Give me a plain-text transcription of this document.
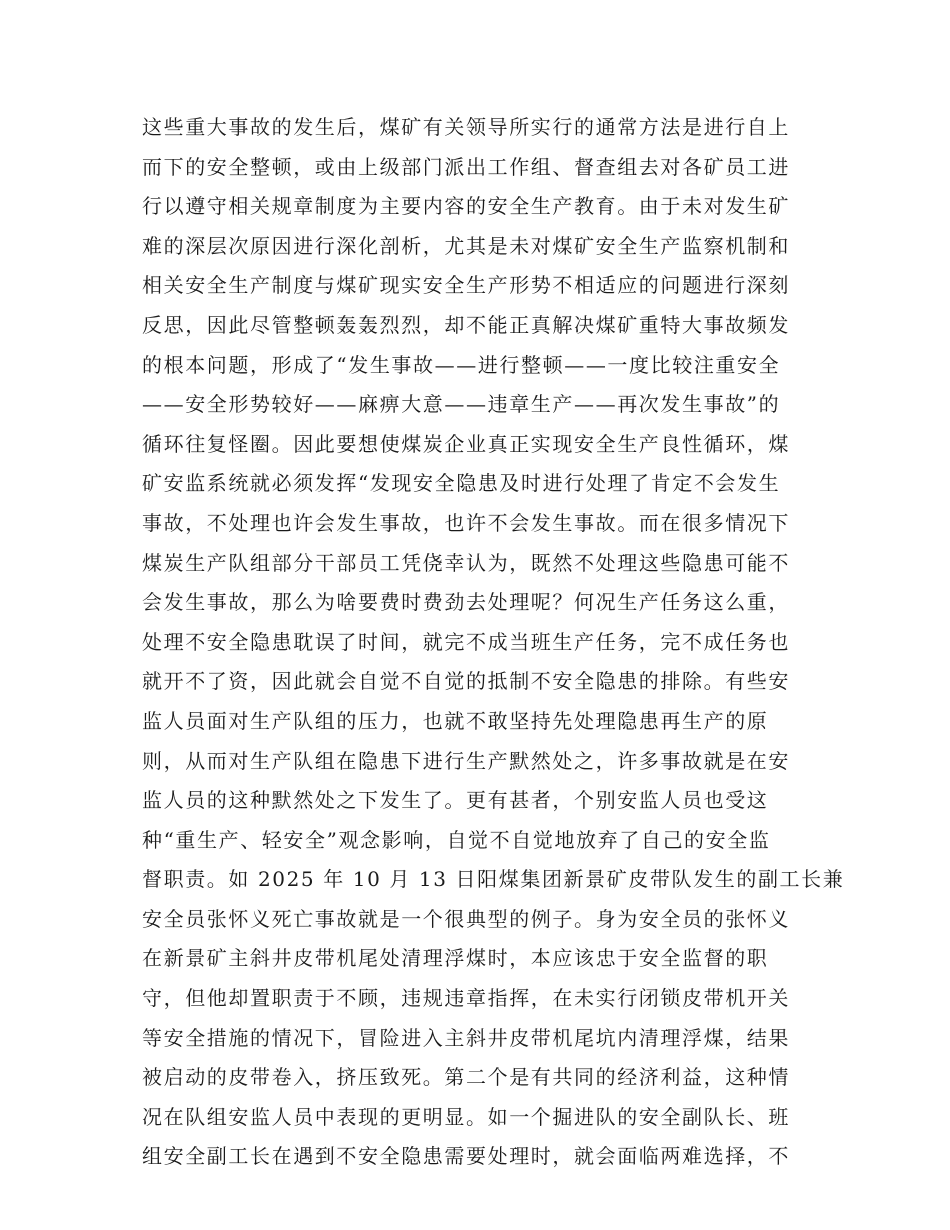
这些重大事故的发生后，煤矿有关领导所实行的通常方法是进行自上
而下的安全整顿，或由上级部门派出工作组、督查组去对各矿员工进
行以遵守相关规章制度为主要内容的安全生产教育。由于未对发生矿
难的深层次原因进行深化剖析，尤其是未对煤矿安全生产监察机制和
相关安全生产制度与煤矿现实安全生产形势不相适应的问题进行深刻
反思，因此尽管整顿轰轰烈烈，却不能正真解决煤矿重特大事故频发
的根本问题，形成了“发生事故——进行整顿——一度比较注重安全
——安全形势较好——麻痹大意——违章生产——再次发生事故”的
循环往复怪圈。因此要想使煤炭企业真正实现安全生产良性循环，煤
矿安监系统就必须发挥“发现安全隐患及时进行处理了肯定不会发生
事故，不处理也许会发生事故，也许不会发生事故。而在很多情况下
煤炭生产队组部分干部员工凭侥幸认为，既然不处理这些隐患可能不
会发生事故，那么为啥要费时费劲去处理呢？何况生产任务这么重，
处理不安全隐患耽误了时间，就完不成当班生产任务，完不成任务也
就开不了资，因此就会自觉不自觉的抵制不安全隐患的排除。有些安
监人员面对生产队组的压力，也就不敢坚持先处理隐患再生产的原
则，从而对生产队组在隐患下进行生产默然处之，许多事故就是在安
监人员的这种默然处之下发生了。更有甚者，个别安监人员也受这
种“重生产、轻安全”观念影响，自觉不自觉地放弃了自己的安全监
督职责。如 2025 年 10 月 13 日阳煤集团新景矿皮带队发生的副工长兼
安全员张怀义死亡事故就是一个很典型的例子。身为安全员的张怀义
在新景矿主斜井皮带机尾处清理浮煤时，本应该忠于安全监督的职
守，但他却置职责于不顾，违规违章指挥，在未实行闭锁皮带机开关
等安全措施的情况下，冒险进入主斜井皮带机尾坑内清理浮煤，结果
被启动的皮带卷入，挤压致死。第二个是有共同的经济利益，这种情
况在队组安监人员中表现的更明显。如一个掘进队的安全副队长、班
组安全副工长在遇到不安全隐患需要处理时，就会面临两难选择，不
